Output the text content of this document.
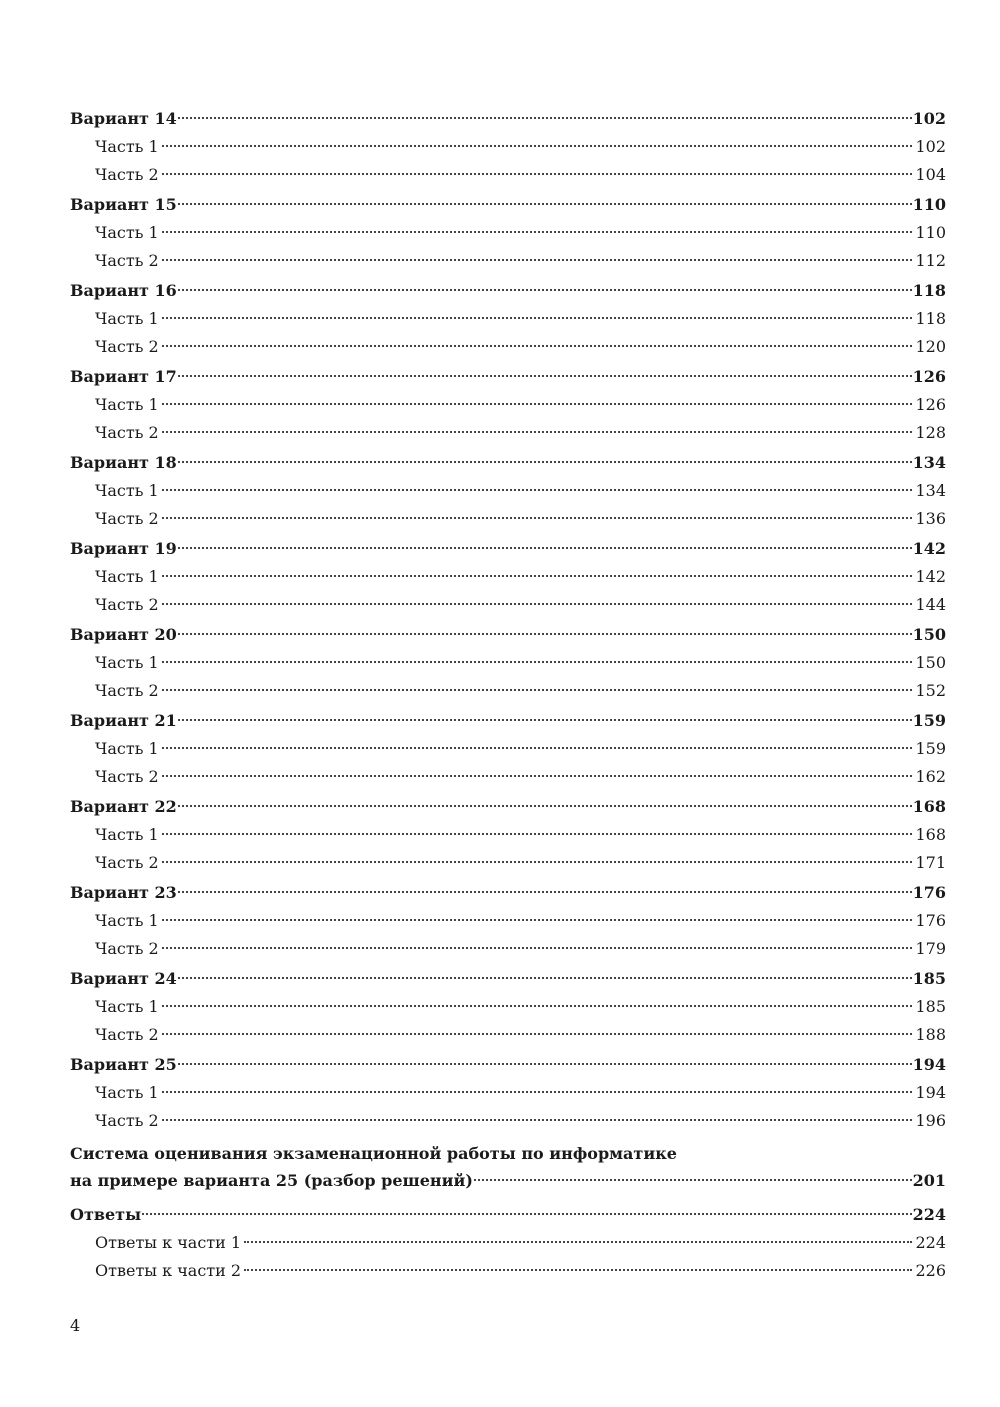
Вариант 14	102
Часть 1	102
Часть 2	104
Вариант 15	110
Часть 1	110
Часть 2	112
Вариант 16	118
Часть 1	118
Часть 2	120
Вариант 17	126
Часть 1	126
Часть 2	128
Вариант 18	134
Часть 1	134
Часть 2	136
Вариант 19	142
Часть 1	142
Часть 2	144
Вариант 20	150
Часть 1	150
Часть 2	152
Вариант 21	159
Часть 1	159
Часть 2	162
Вариант 22	168
Часть 1	168
Часть 2	171
Вариант 23	176
Часть 1	176
Часть 2	179
Вариант 24	185
Часть 1	185
Часть 2	188
Вариант 25	194
Часть 1	194
Часть 2	196
Система оценивания экзаменационной работы по информатике
на примере варианта 25 (разбор решений)	201
Ответы	224
Ответы к части 1	224
Ответы к части 2	226
4
